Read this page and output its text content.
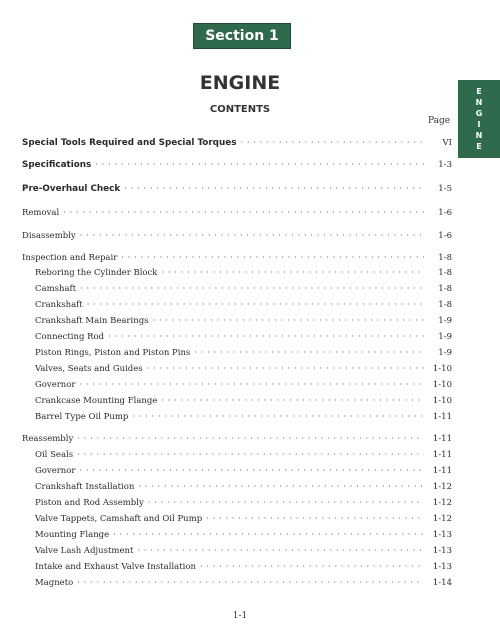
Section 1
E
N
G
I
N
E
ENGINE
CONTENTS
Page
Special Tools Required and Special Torques · · ·	VI
Specifications · · ·	1-3
Pre-Overhaul Check · · ·	1-5
Removal · · ·	1-6
Disassembly · · ·	1-6
Inspection and Repair · · ·	1-8
Reboring the Cylinder Block · · ·	1-8
Camshaft · · ·	1-8
Crankshaft · · ·	1-8
Crankshaft Main Bearings · · ·	1-9
Connecting Rod · · ·	1-9
Piston Rings, Piston and Piston Pins · · ·	1-9
Valves, Seats and Guides · · ·	1-10
Governor · · ·	1-10
Crankcase Mounting Flange · · ·	1-10
Barrel Type Oil Pump · · ·	1-11
Reassembly · · ·	1-11
Oil Seals · · ·	1-11
Governor · · ·	1-11
Crankshaft Installation · · ·	1-12
Piston and Rod Assembly · · ·	1-12
Valve Tappets, Camshaft and Oil Pump · · ·	1-12
Mounting Flange · · ·	1-13
Valve Lash Adjustment · · ·	1-13
Intake and Exhaust Valve Installation · · ·	1-13
Magneto · · ·	1-14
1-1
